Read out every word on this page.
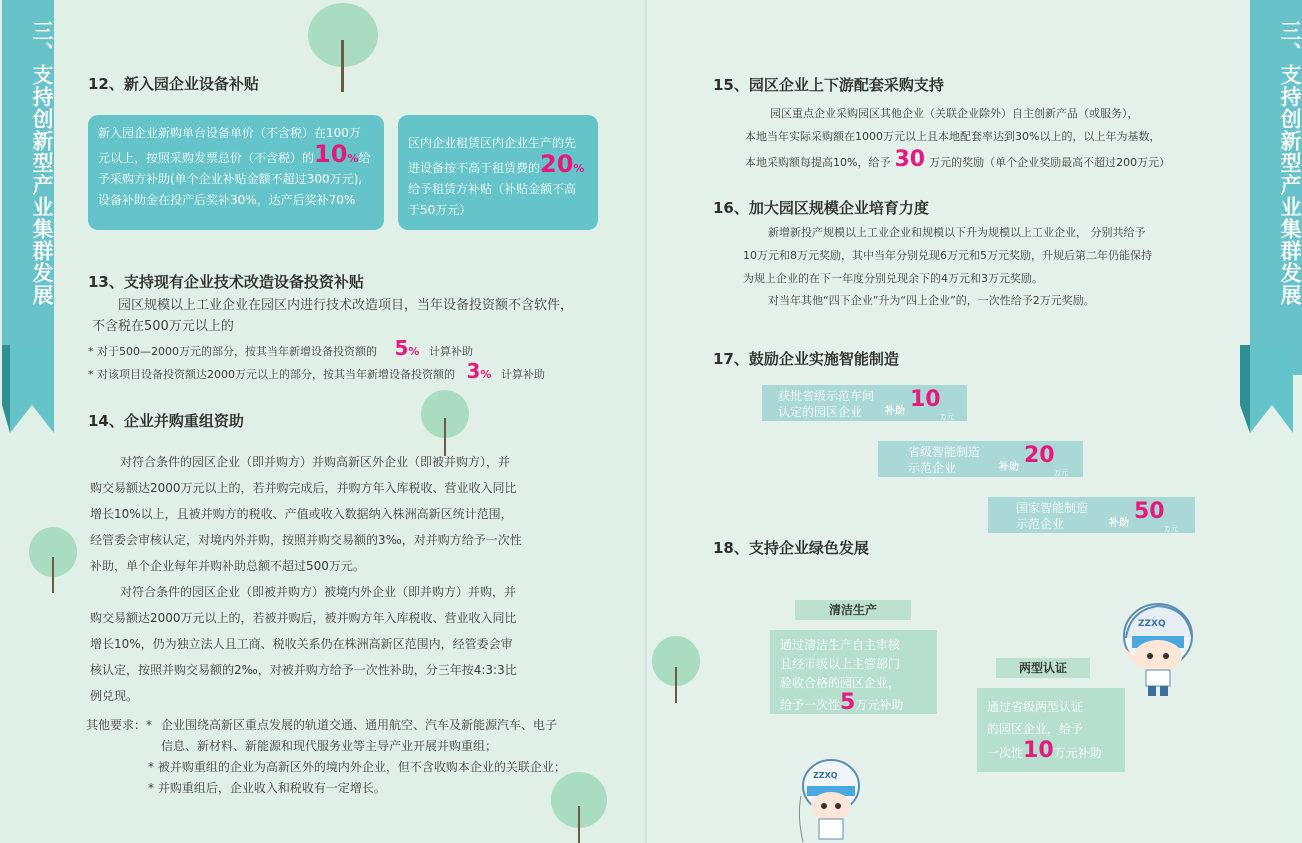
三、支持创新型产业集群发展	三、支持创新型产业集群发展
12、新入园企业设备补贴
新入园企业新购单台设备单价（不含税）在100万
元以上，按照采购发票总价（不含税）的10%给
予采购方补助(单个企业补贴金额不超过300万元),
设备补助金在投产后奖补30%，达产后奖补70%
区内企业租赁区内企业生产的先
进设备按不高于租赁费的20%
给予租赁方补贴（补贴金额不高
于50万元）
13、支持现有企业技术改造设备投资补贴

园区规模以上工业企业在园区内进行技术改造项目，当年设备投资额不含软件，

不含税在500万元以上的

* 对于500—2000万元的部分，按其当年新增设备投资额的 5% 计算补助

* 对该项目设备投资额达2000万元以上的部分，按其当年新增设备投资额的 3% 计算补助

14、企业并购重组资助
对符合条件的园区企业（即并购方）并购高新区外企业（即被并购方），并
购交易额达2000万元以上的，若并购完成后，并购方年入库税收、营业收入同比
增长10%以上，且被并购方的税收、产值或收入数据纳入株洲高新区统计范围，
经管委会审核认定，对境内外并购，按照并购交易额的3‰，对并购方给予一次性
补助，单个企业每年并购补助总额不超过500万元。
对符合条件的园区企业（即被并购方）被境内外企业（即并购方）并购，并
购交易额达2000万元以上的，若被并购后，被并购方年入库税收、营业收入同比
增长10%，仍为独立法人且工商、税收关系仍在株洲高新区范围内，经管委会审
核认定，按照并购交易额的2‰，对被并购方给予一次性补助，分三年按4:3:3比
例兑现。

其他要求：* 企业围绕高新区重点发展的轨道交通、通用航空、汽车及新能源汽车、电子

信息、新材料、新能源和现代服务业等主导产业开展并购重组；

* 被并购重组的企业为高新区外的境内外企业，但不含收购本企业的关联企业；

* 并购重组后，企业收入和税收有一定增长。

15、园区企业上下游配套采购支持

园区重点企业采购园区其他企业（关联企业除外）自主创新产品（或服务），

本地当年实际采购额在1000万元以上且本地配套率达到30%以上的，以上年为基数，

本地采购额每提高10%，给予 30 万元的奖励（单个企业奖励最高不超过200万元）

16、加大园区规模企业培育力度

新增新投产规模以上工业企业和规模以下升为规模以上工业企业， 分别共给予

10万元和8万元奖励，其中当年分别兑现6万元和5万元奖励，升规后第二年仍能保持

为规上企业的在下一年度分别兑现余下的4万元和3万元奖励。

对当年其他“四下企业”升为“四上企业”的，一次性给予2万元奖励。

17、鼓励企业实施智能制造
获批省级示范车间
认定的园区企业	补助 10
万元
省级智能制造
示范企业	补助 20
万元
国家智能制造
示范企业	补助 50
万元
18、支持企业绿色发展
清洁生产
通过清洁生产自主审核
且经市级以上主管部门
验收合格的园区企业，
给予一次性5万元补助
两型认证
通过省级两型认证
的园区企业，给予
一次性10万元补助
ZZXQ
ZZXQ
